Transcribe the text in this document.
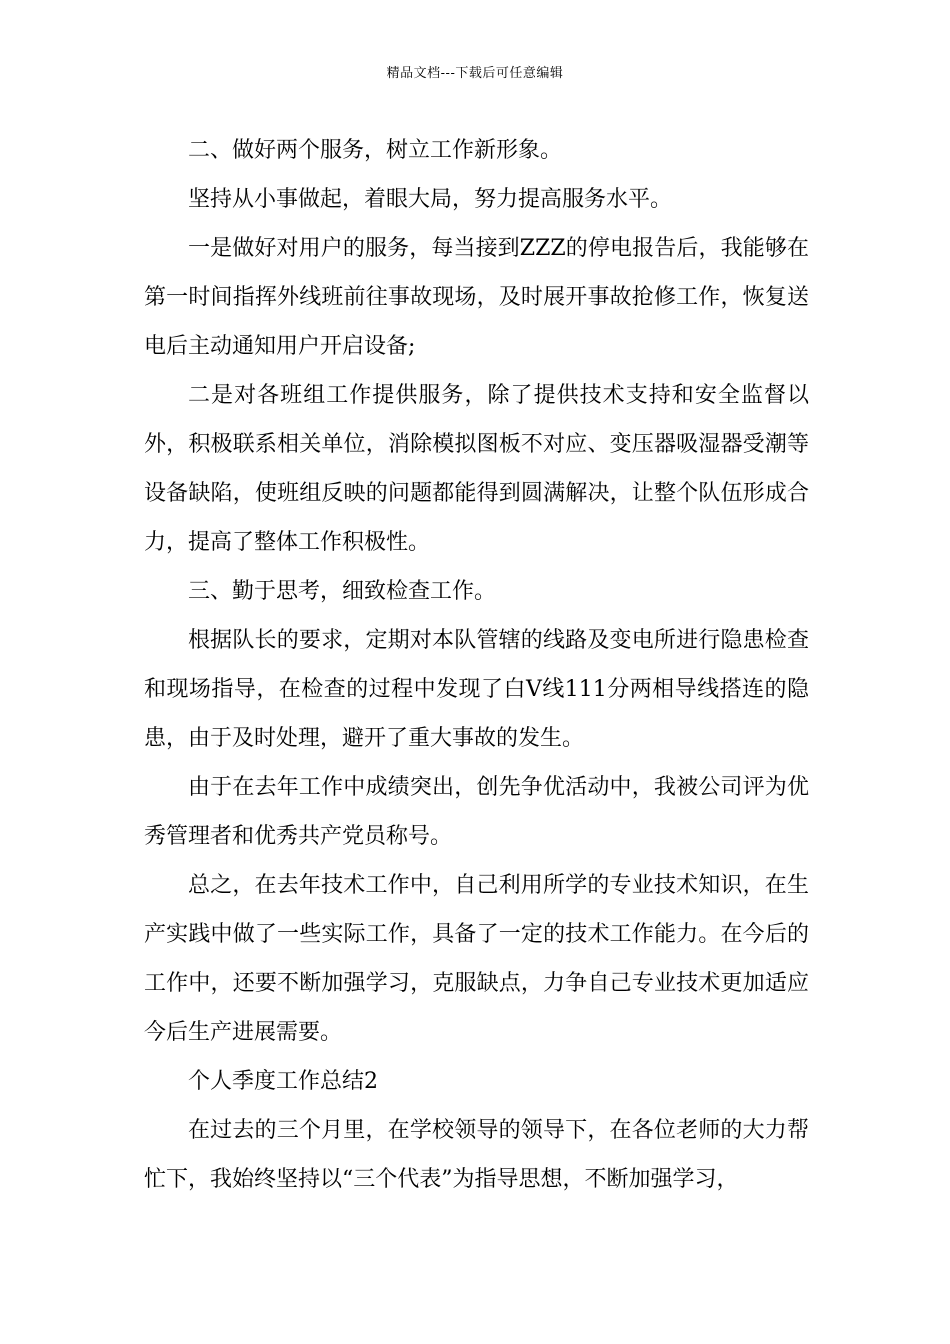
精品文档---下载后可任意编辑

二、做好两个服务，树立工作新形象。

坚持从小事做起，着眼大局，努力提高服务水平。

一是做好对用户的服务，每当接到ZZZ的停电报告后，我能够在第一时间指挥外线班前往事故现场，及时展开事故抢修工作，恢复送电后主动通知用户开启设备;

二是对各班组工作提供服务，除了提供技术支持和安全监督以外，积极联系相关单位，消除模拟图板不对应、变压器吸湿器受潮等设备缺陷，使班组反映的问题都能得到圆满解决，让整个队伍形成合力，提高了整体工作积极性。

三、勤于思考，细致检查工作。

根据队长的要求，定期对本队管辖的线路及变电所进行隐患检查和现场指导，在检查的过程中发现了白V线111分两相导线搭连的隐患，由于及时处理，避开了重大事故的发生。

由于在去年工作中成绩突出，创先争优活动中，我被公司评为优秀管理者和优秀共产党员称号。

总之，在去年技术工作中，自己利用所学的专业技术知识，在生产实践中做了一些实际工作，具备了一定的技术工作能力。在今后的工作中，还要不断加强学习，克服缺点，力争自己专业技术更加适应今后生产进展需要。

个人季度工作总结2

在过去的三个月里，在学校领导的领导下，在各位老师的大力帮忙下，我始终坚持以“三个代表”为指导思想，不断加强学习，
